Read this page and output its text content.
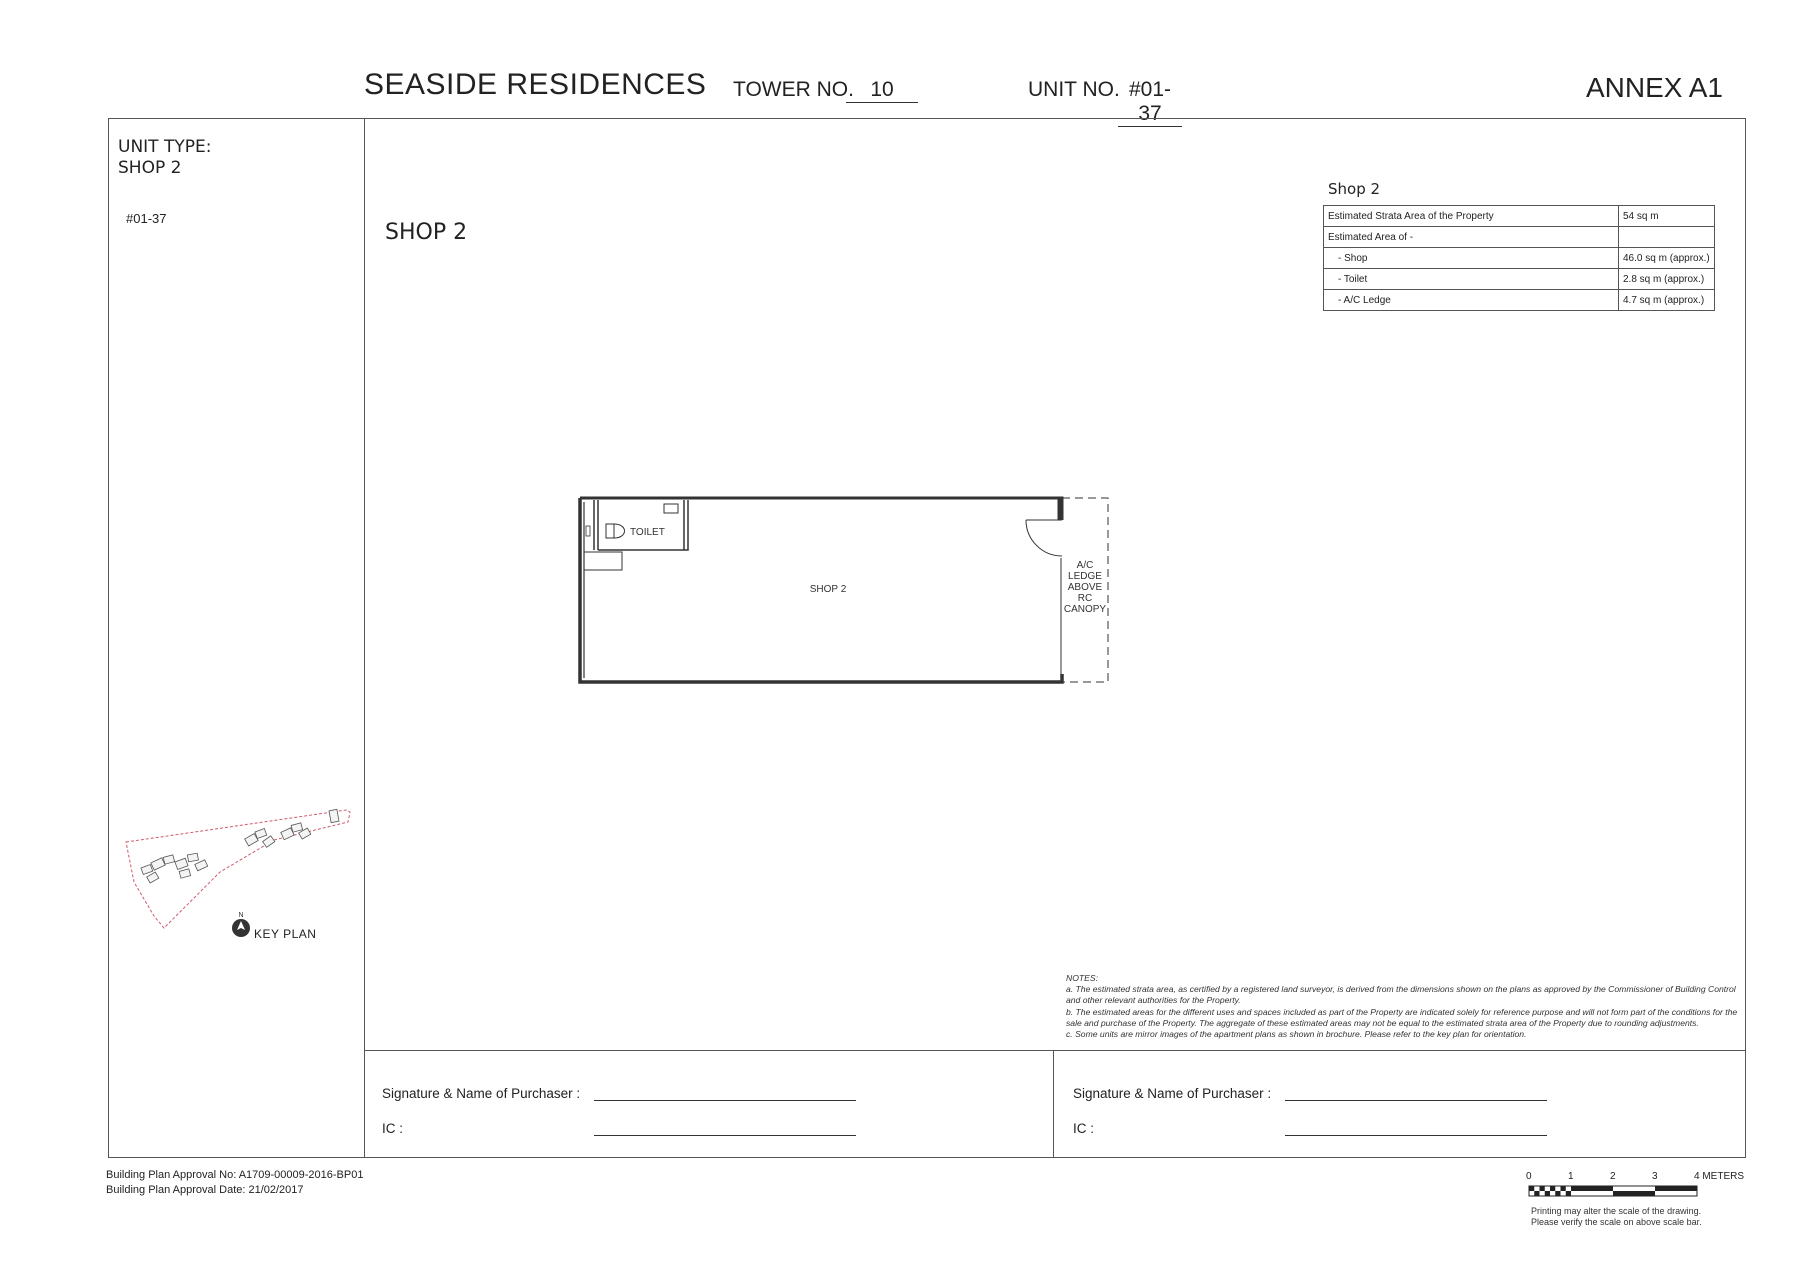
SEASIDE RESIDENCES TOWER NO. 10	UNIT NO. #01-37
ANNEX A1
UNIT TYPE:
SHOP 2
#01-37
N
KEY PLAN
SHOP 2
Shop 2
Estimated Strata Area of the Property	54 sq m
Estimated Area of -	
- Shop	46.0 sq m (approx.)
- Toilet	2.8 sq m (approx.)
- A/C Ledge	4.7 sq m (approx.)
TOILET
SHOP 2
A/C
LEDGE
ABOVE
RC
CANOPY
NOTES:
a. The estimated strata area, as certified by a registered land surveyor, is derived from the dimensions shown on the plans as approved by the Commissioner of Building Control and other relevant authorities for the Property.
b. The estimated areas for the different uses and spaces included as part of the Property are indicated solely for reference purpose and will not form part of the conditions for the sale and purchase of the Property. The aggregate of these estimated areas may not be equal to the estimated strata area of the Property due to rounding adjustments.
c. Some units are mirror images of the apartment plans as shown in brochure. Please refer to the key plan for orientation.
Signature & Name of Purchaser :
IC :
Signature & Name of Purchaser :
IC :
Building Plan Approval No: A1709-00009-2016-BP01
Building Plan Approval Date: 21/02/2017
0	1	2	3	4 METERS
Printing may alter the scale of the drawing.
Please verify the scale on above scale bar.
